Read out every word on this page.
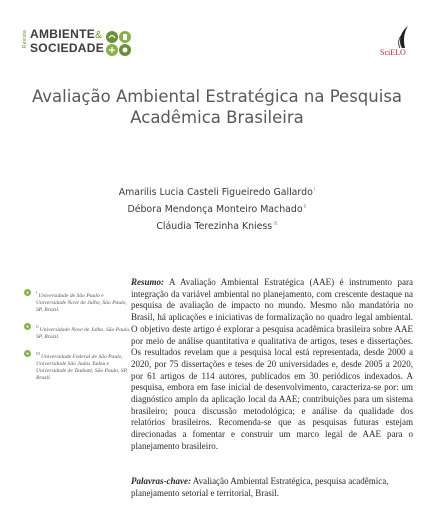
Revista AMBIENTE&
SOCIEDADE	SciELO
Avaliação Ambiental Estratégica na Pesquisa Acadêmica Brasileira
Amarilis Lucia Casteli Figueiredo Gallardo$^I$
Débora Mendonça Monteiro Machado$^{II}$
Cláudia Terezinha Kniess$^{III}$
●	$^I$Universidade de São Paulo e Universidade Nove de Julho, São Paulo, SP, Brazil.
●	$^{II}$Universidade Nove de Julho, São Paulo, SP, Brazil.
●	$^{III}$Universidade Federal de São Paulo, Universidade São Judas Tadeu e Universidade de Taubaté, São Paulo, SP, Brazil.

Resumo: A Avaliação Ambiental Estratégica (AAE) é instrumento para integração da variável ambiental no planejamento, com crescente destaque na pesquisa de avaliação de impacto no mundo. Mesmo não mandatória no Brasil, há aplicações e iniciativas de formalização no quadro legal ambiental. O objetivo deste artigo é explorar a pesquisa acadêmica brasileira sobre AAE por meio de análise quantitativa e qualitativa de artigos, teses e dissertações. Os resultados revelam que a pesquisa local está representada, desde 2000 a 2020, por 75 dissertações e teses de 20 universidades e, desde 2005 a 2020, por 61 artigos de 114 autores, publicados em 30 periódicos indexados. A pesquisa, embora em fase inicial de desenvolvimento, caracteriza-se por: um diagnóstico amplo da aplicação local da AAE; contribuições para um sistema brasileiro; pouca discussão metodológica; e análise da qualidade dos relatórios brasileiros. Recomenda-se que as pesquisas futuras estejam direcionadas a fomentar e construir um marco legal de AAE para o planejamento brasileiro.

Palavras-chave: Avaliação Ambiental Estratégica, pesquisa acadêmica, planejamento setorial e territorial, Brasil.
